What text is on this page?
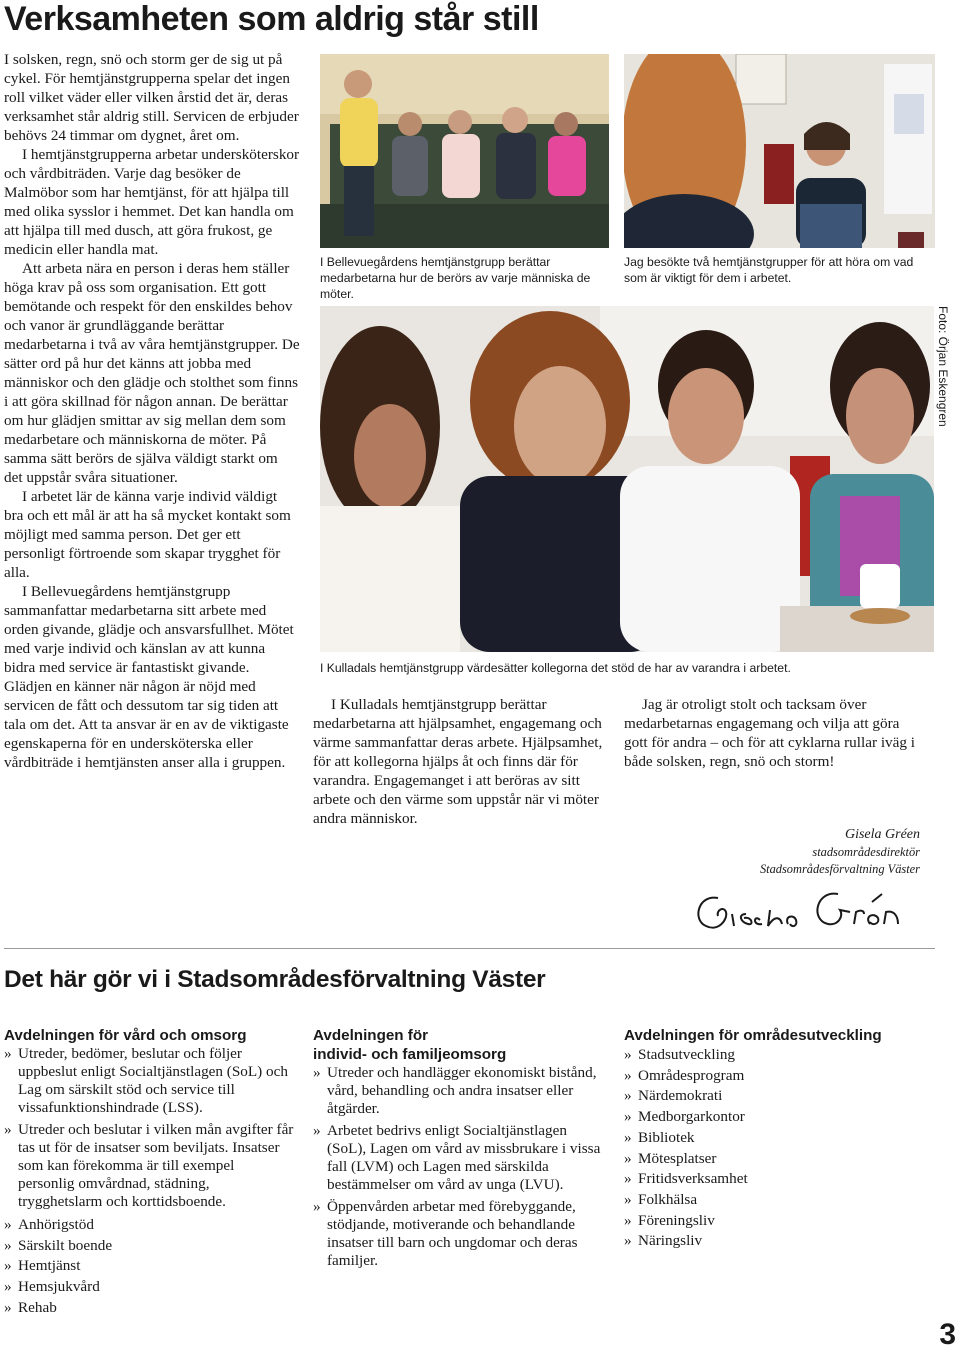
Verksamheten som aldrig står still

I solsken, regn, snö och storm ger de sig ut på cykel. För hemtjänstgrupperna spelar det ingen roll vilket väder eller vilken årstid det är, deras verksamhet står aldrig still. Servicen de erbjuder behövs 24 timmar om dygnet, året om.

I hemtjänstgrupperna arbetar undersköterskor och vårdbiträden. Varje dag besöker de Malmöbor som har hemtjänst, för att hjälpa till med olika sysslor i hemmet. Det kan handla om att hjälpa till med dusch, att göra frukost, ge medicin eller handla mat.

Att arbeta nära en person i deras hem ställer höga krav på oss som organisation. Ett gott bemötande och respekt för den enskildes behov och vanor är grundläggande berättar medarbetarna i två av våra hemtjänstgrupper. De sätter ord på hur det känns att jobba med människor och den glädje och stolthet som finns i att göra skillnad för någon annan. De berättar om hur glädjen smittar av sig mellan dem som medarbetare och människorna de möter. På samma sätt berörs de själva väldigt starkt om det uppstår svåra situationer.

I arbetet lär de känna varje individ väldigt bra och ett mål är att ha så mycket kontakt som möjligt med samma person. Det ger ett personligt förtroende som skapar trygghet för alla.

I Bellevuegårdens hemtjänstgrupp sammanfattar medarbetarna sitt arbete med orden givande, glädje och ansvarsfullhet. Mötet med varje individ och känslan av att kunna bidra med service är fantastiskt givande. Glädjen en känner när någon är nöjd med servicen de fått och dessutom tar sig tiden att tala om det. Att ta ansvar är en av de viktigaste egenskaperna för en undersköterska eller vårdbiträde i hemtjänsten anser alla i gruppen.

I Bellevuegårdens hemtjänstgrupp berättar medarbetarna hur de berörs av varje människa de möter.
Jag besökte två hemtjänstgrupper för att höra om vad som är viktigt för dem i arbetet.
I Kulladals hemtjänstgrupp värdesätter kollegorna det stöd de har av varandra i arbetet.
Foto: Örjan Eskengren

I Kulladals hemtjänstgrupp berättar medarbetarna att hjälpsamhet, engagemang och värme sammanfattar deras arbete. Hjälpsamhet, för att kollegorna hjälps åt och finns där för varandra. Engagemanget i att beröras av sitt arbete och den värme som uppstår när vi möter andra människor.

Jag är otroligt stolt och tacksam över medarbetarnas engagemang och vilja att göra gott för andra – och för att cyklarna rullar iväg i både solsken, regn, snö och storm!

Gisela Gréen
stadsområdesdirektör
Stadsområdesförvaltning Väster
Det här gör vi i Stadsområdesförvaltning Väster
Avdelningen för vård och omsorg
» Utreder, bedömer, beslutar och följer uppbeslut enligt Socialtjänstlagen (SoL) och Lag om särskilt stöd och service till vissafunktionshindrade (LSS).
» Utreder och beslutar i vilken mån avgifter får tas ut för de insatser som beviljats. Insatser som kan förekomma är till exempel personlig omvårdnad, städning, trygghetslarm och korttidsboende.
» Anhörigstöd
» Särskilt boende
» Hemtjänst
» Hemsjukvård
» Rehab
Avdelningen för
individ- och familjeomsorg
» Utreder och handlägger ekonomiskt bistånd, vård, behandling och andra insatser eller åtgärder.
» Arbetet bedrivs enligt Socialtjänstlagen (SoL), Lagen om vård av missbrukare i vissa fall (LVM) och Lagen med särskilda bestämmelser om vård av unga (LVU).
» Öppenvården arbetar med förebyggande, stödjande, motiverande och behandlande insatser till barn och ungdomar och deras familjer.
Avdelningen för områdesutveckling
» Stadsutveckling
» Områdesprogram
» Närdemokrati
» Medborgarkontor
» Bibliotek
» Mötesplatser
» Fritidsverksamhet
» Folkhälsa
» Föreningsliv
» Näringsliv
3
